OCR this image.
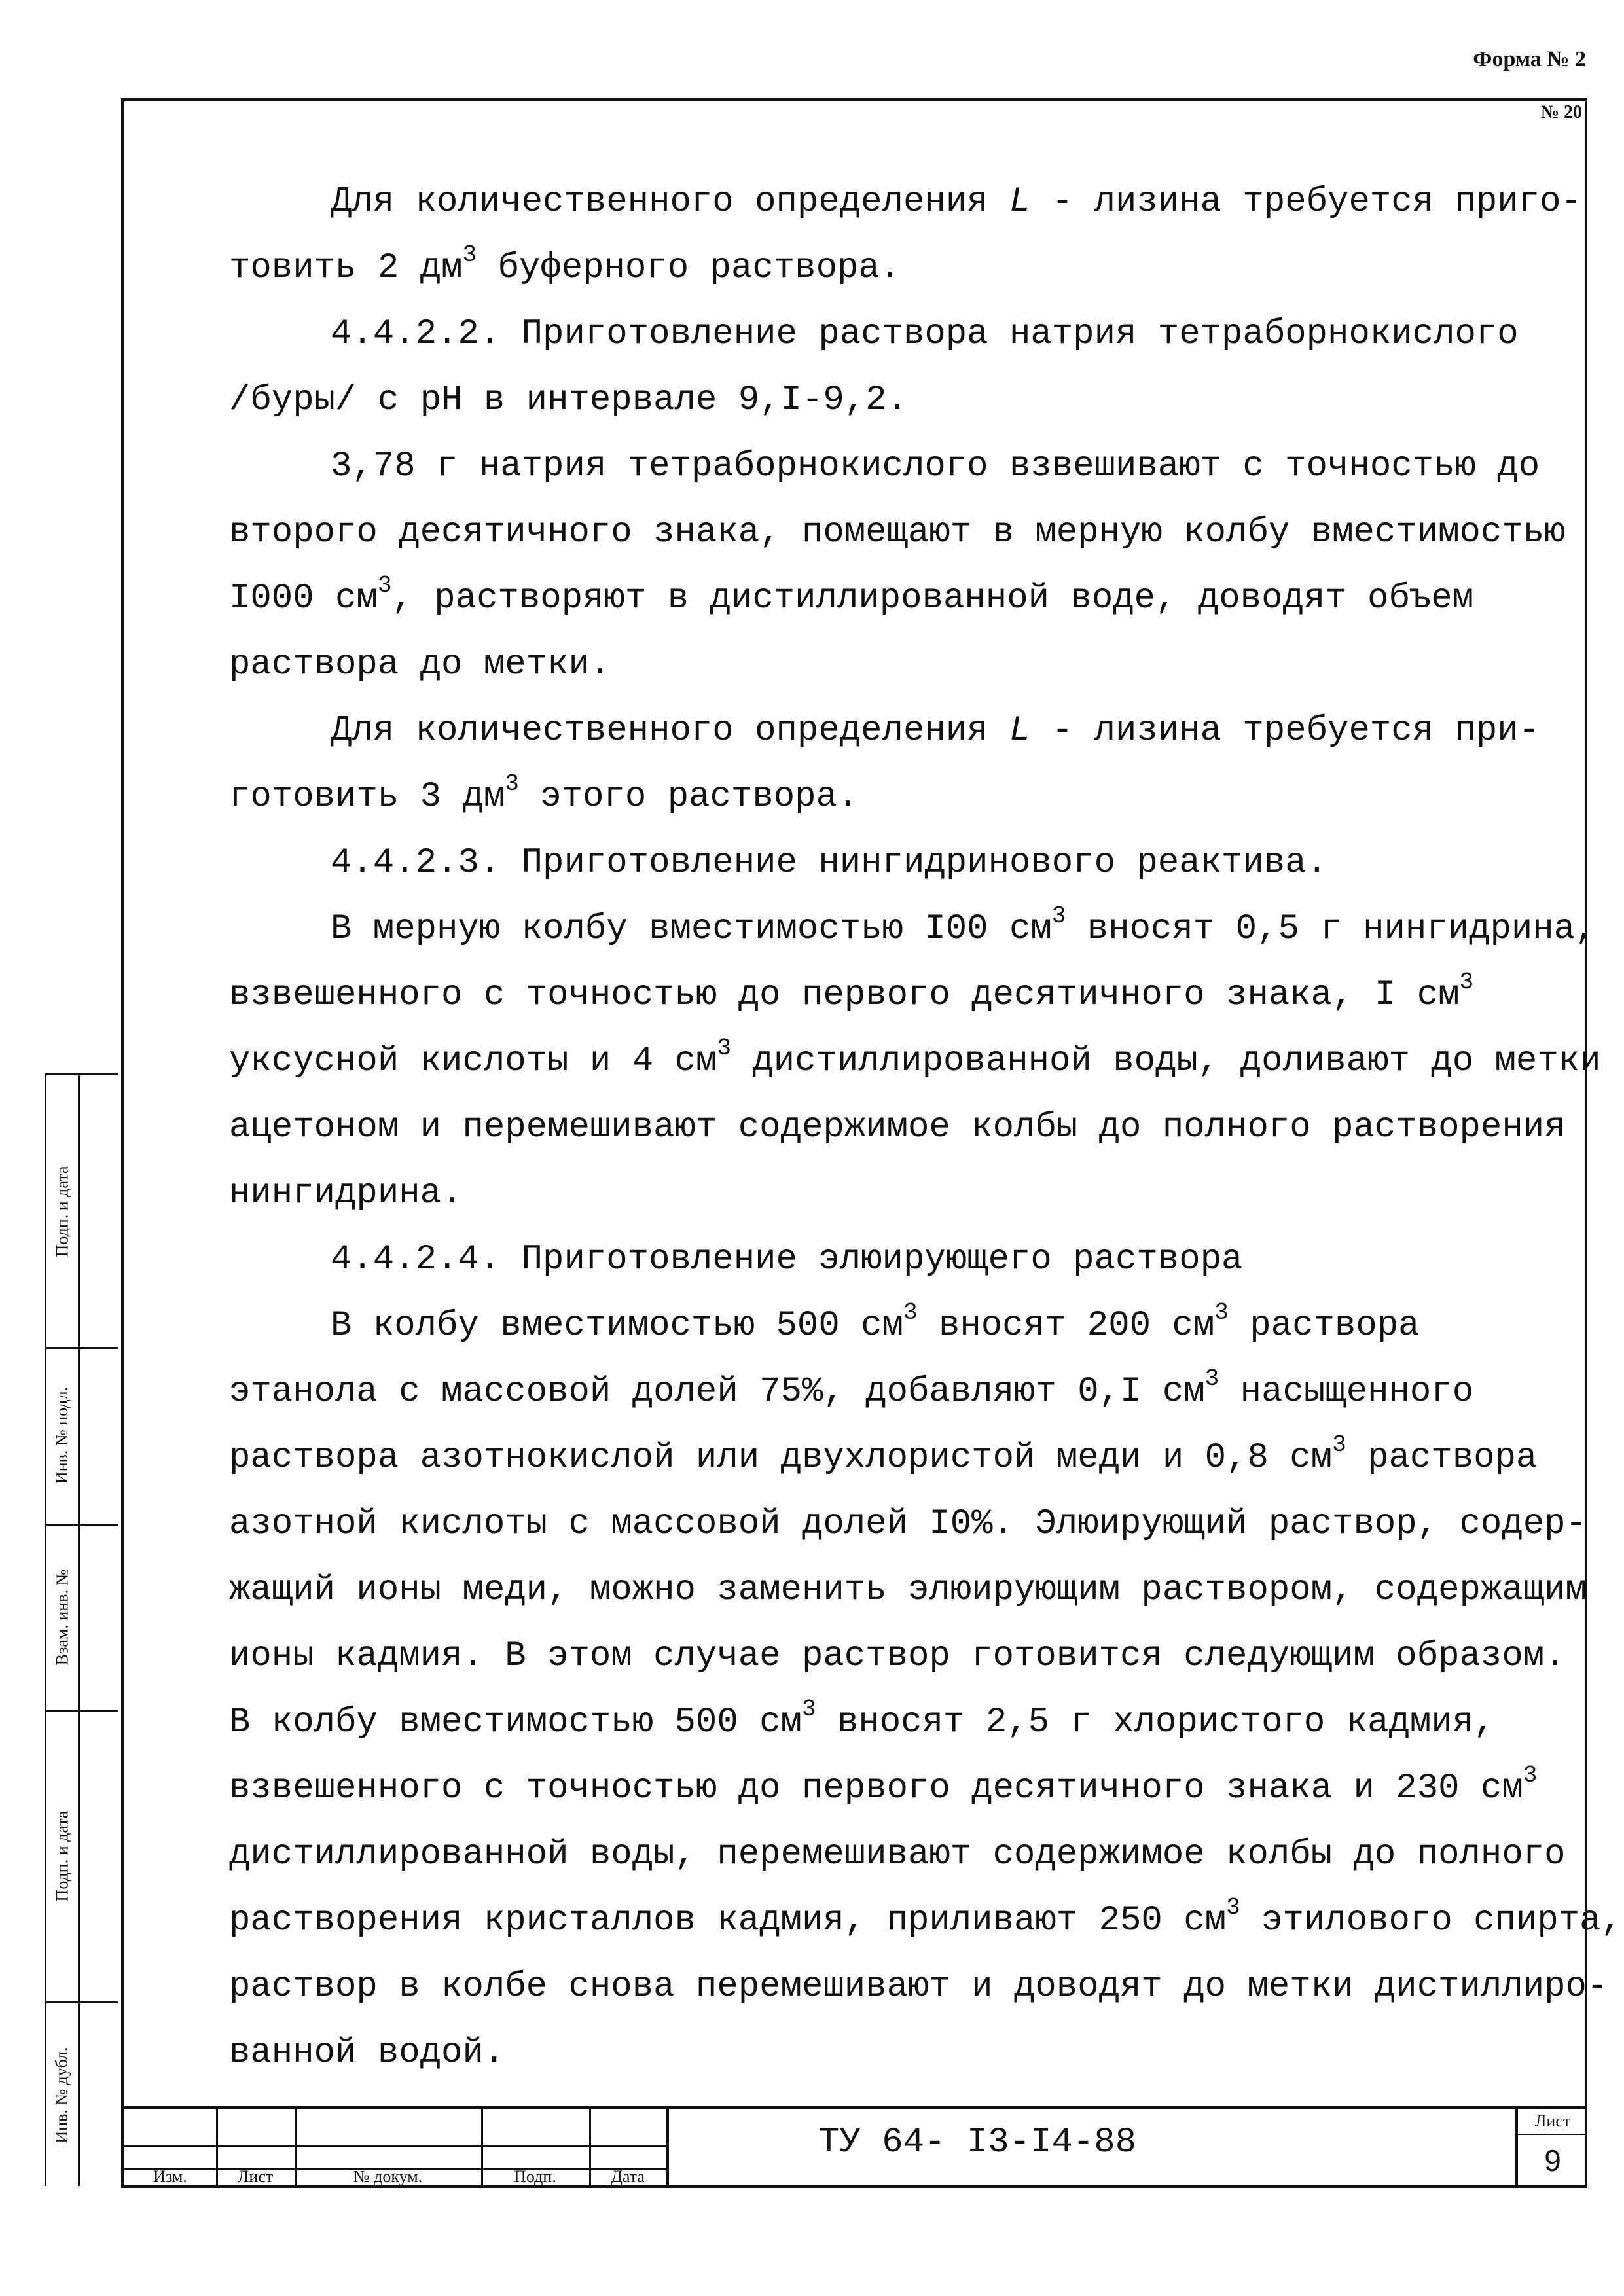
Форма № 2
№ 20
Для количественного определения L - лизина требуется приго-
товить 2 $дм^3$ буферного раствора.
4.4.2.2. Приготовление раствора натрия тетраборнокислого
/буры/ с pH в интервале 9,I-9,2.
3,78 г натрия тетраборнокислого взвешивают с точностью до
второго десятичного знака, помещают в мерную колбу вместимостью
I000 $см^3$, растворяют в дистиллированной воде, доводят объем
раствора до метки.
Для количественного определения L - лизина требуется при-
готовить 3 $дм^3$ этого раствора.
4.4.2.3. Приготовление нингидринового реактива.
В мерную колбу вместимостью I00 $см^3$ вносят 0,5 г нингидрина,
взвешенного с точностью до первого десятичного знака, I $см^3$
уксусной кислоты и 4 $см^3$ дистиллированной воды, доливают до метки
ацетоном и перемешивают содержимое колбы до полного растворения
нингидрина.
4.4.2.4. Приготовление элюирующего раствора
В колбу вместимостью 500 $см^3$ вносят 200 $см^3$ раствора
этанола с массовой долей 75%, добавляют 0,I $см^3$ насыщенного
раствора азотнокислой или двухлористой меди и 0,8 $см^3$ раствора
азотной кислоты с массовой долей I0%. Элюирующий раствор, содер-
жащий ионы меди, можно заменить элюирующим раствором, содержащим
ионы кадмия. В этом случае раствор готовится следующим образом.
В колбу вместимостью 500 $см^3$ вносят 2,5 г хлористого кадмия,
взвешенного с точностью до первого десятичного знака и 230 $см^3$
дистиллированной воды, перемешивают содержимое колбы до полного
растворения кристаллов кадмия, приливают 250 $см^3$ этилового спирта,
раствор в колбе снова перемешивают и доводят до метки дистиллиро-
ванной водой.
Подп. и дата
Инв. № подл.
Взам. инв. №
Подп. и дата
Инв. № дубл.
Изм.	Лист	№ докум.	Подп.	Дата
ТУ 64- I3-I4-88
Лист
9
